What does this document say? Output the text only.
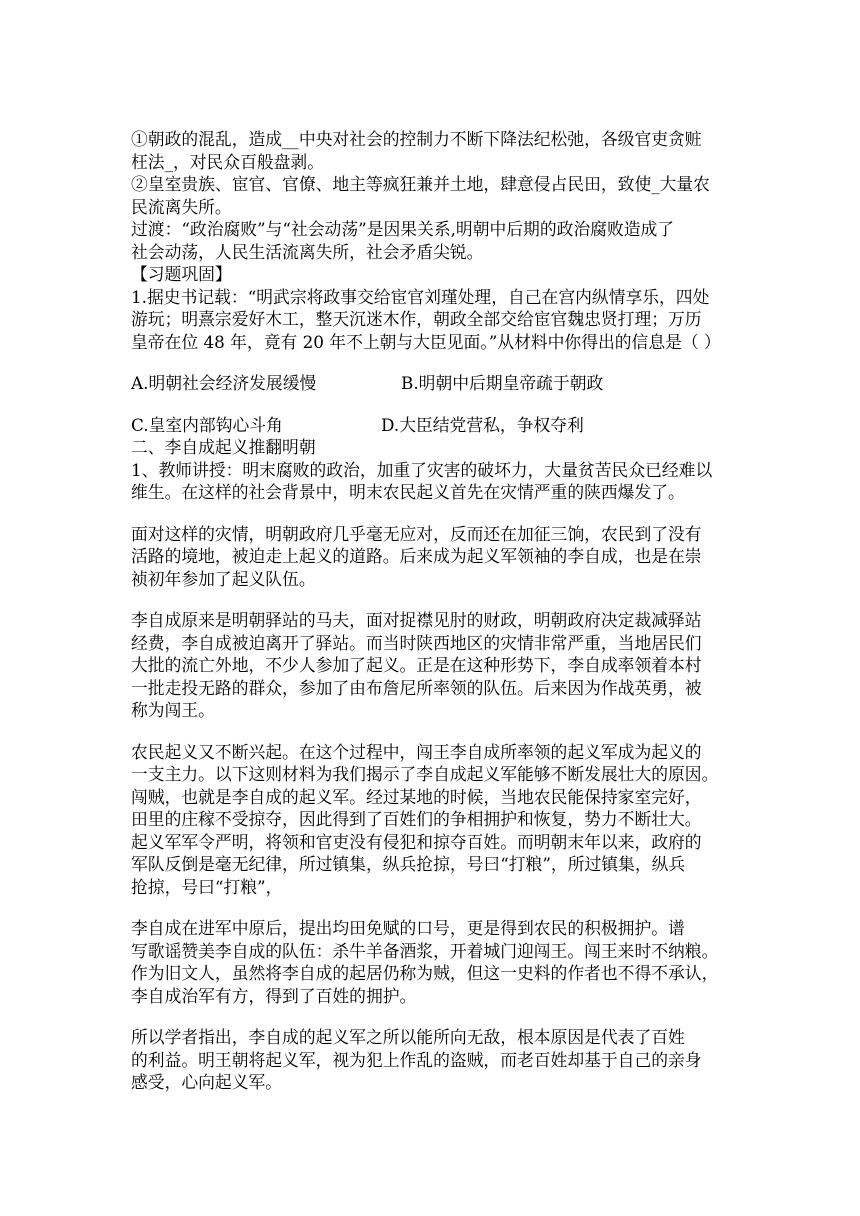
①朝政的混乱，造成__中央对社会的控制力不断下降法纪松弛，各级官吏贪赃
枉法_，对民众百般盘剥。
②皇室贵族、宦官、官僚、地主等疯狂兼并土地，肆意侵占民田，致使_大量农
民流离失所。
过渡：“政治腐败”与“社会动荡”是因果关系,明朝中后期的政治腐败造成了
社会动荡，人民生活流离失所，社会矛盾尖锐。
【习题巩固】
1.据史书记载：“明武宗将政事交给宦官刘瑾处理，自己在宫内纵情享乐，四处
游玩；明熹宗爱好木工，整天沉迷木作，朝政全部交给宦官魏忠贤打理；万历
皇帝在位 48 年，竟有 20 年不上朝与大臣见面。”从材料中你得出的信息是（ ）
A.明朝社会经济发展缓慢	B.明朝中后期皇帝疏于朝政
C.皇室内部钩心斗角	D.大臣结党营私，争权夺利
二、李自成起义推翻明朝
1、教师讲授：明末腐败的政治，加重了灾害的破坏力，大量贫苦民众已经难以
维生。在这样的社会背景中，明末农民起义首先在灾情严重的陕西爆发了。
面对这样的灾情，明朝政府几乎毫无应对，反而还在加征三饷，农民到了没有
活路的境地，被迫走上起义的道路。后来成为起义军领袖的李自成，也是在崇
祯初年参加了起义队伍。
李自成原来是明朝驿站的马夫，面对捉襟见肘的财政，明朝政府决定裁减驿站
经费，李自成被迫离开了驿站。而当时陕西地区的灾情非常严重，当地居民们
大批的流亡外地，不少人参加了起义。正是在这种形势下，李自成率领着本村
一批走投无路的群众，参加了由布詹尼所率领的队伍。后来因为作战英勇，被
称为闯王。
农民起义又不断兴起。在这个过程中，闯王李自成所率领的起义军成为起义的
一支主力。以下这则材料为我们揭示了李自成起义军能够不断发展壮大的原因。
闯贼，也就是李自成的起义军。经过某地的时候，当地农民能保持家室完好，
田里的庄稼不受掠夺，因此得到了百姓们的争相拥护和恢复，势力不断壮大。
起义军军令严明，将领和官吏没有侵犯和掠夺百姓。而明朝末年以来，政府的
军队反倒是毫无纪律，所过镇集，纵兵抢掠，号曰“打粮”，所过镇集，纵兵
抢掠，号曰“打粮”，
李自成在进军中原后，提出均田免赋的口号，更是得到农民的积极拥护。谱
写歌谣赞美李自成的队伍：杀牛羊备酒浆，开着城门迎闯王。闯王来时不纳粮。
作为旧文人，虽然将李自成的起居仍称为贼，但这一史料的作者也不得不承认，
李自成治军有方，得到了百姓的拥护。
所以学者指出，李自成的起义军之所以能所向无敌，根本原因是代表了百姓
的利益。明王朝将起义军，视为犯上作乱的盗贼，而老百姓却基于自己的亲身
感受，心向起义军。
